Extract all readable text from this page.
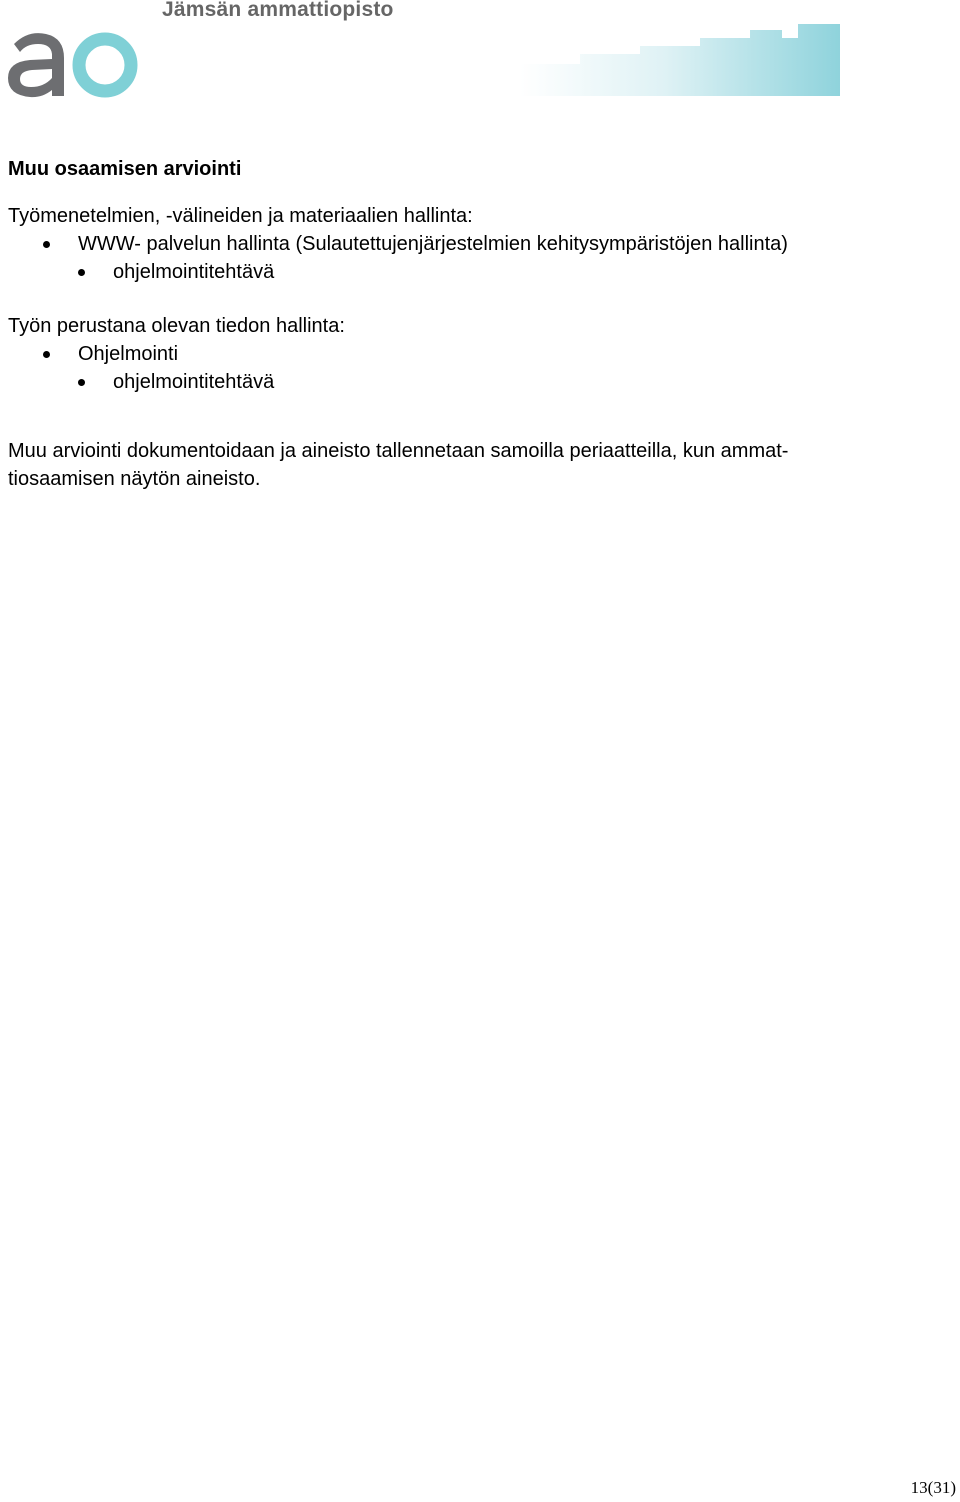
Jämsän ammattiopisto
Muu osaamisen arviointi
Työmenetelmien, -välineiden ja materiaalien hallinta:
WWW- palvelun hallinta (Sulautettujenjärjestelmien kehitysympäristöjen hallinta)
ohjelmointitehtävä
Työn perustana olevan tiedon hallinta:
Ohjelmointi
ohjelmointitehtävä
Muu arviointi dokumentoidaan ja aineisto tallennetaan samoilla periaatteilla, kun ammat-
tiosaamisen näytön aineisto.
13(31)
